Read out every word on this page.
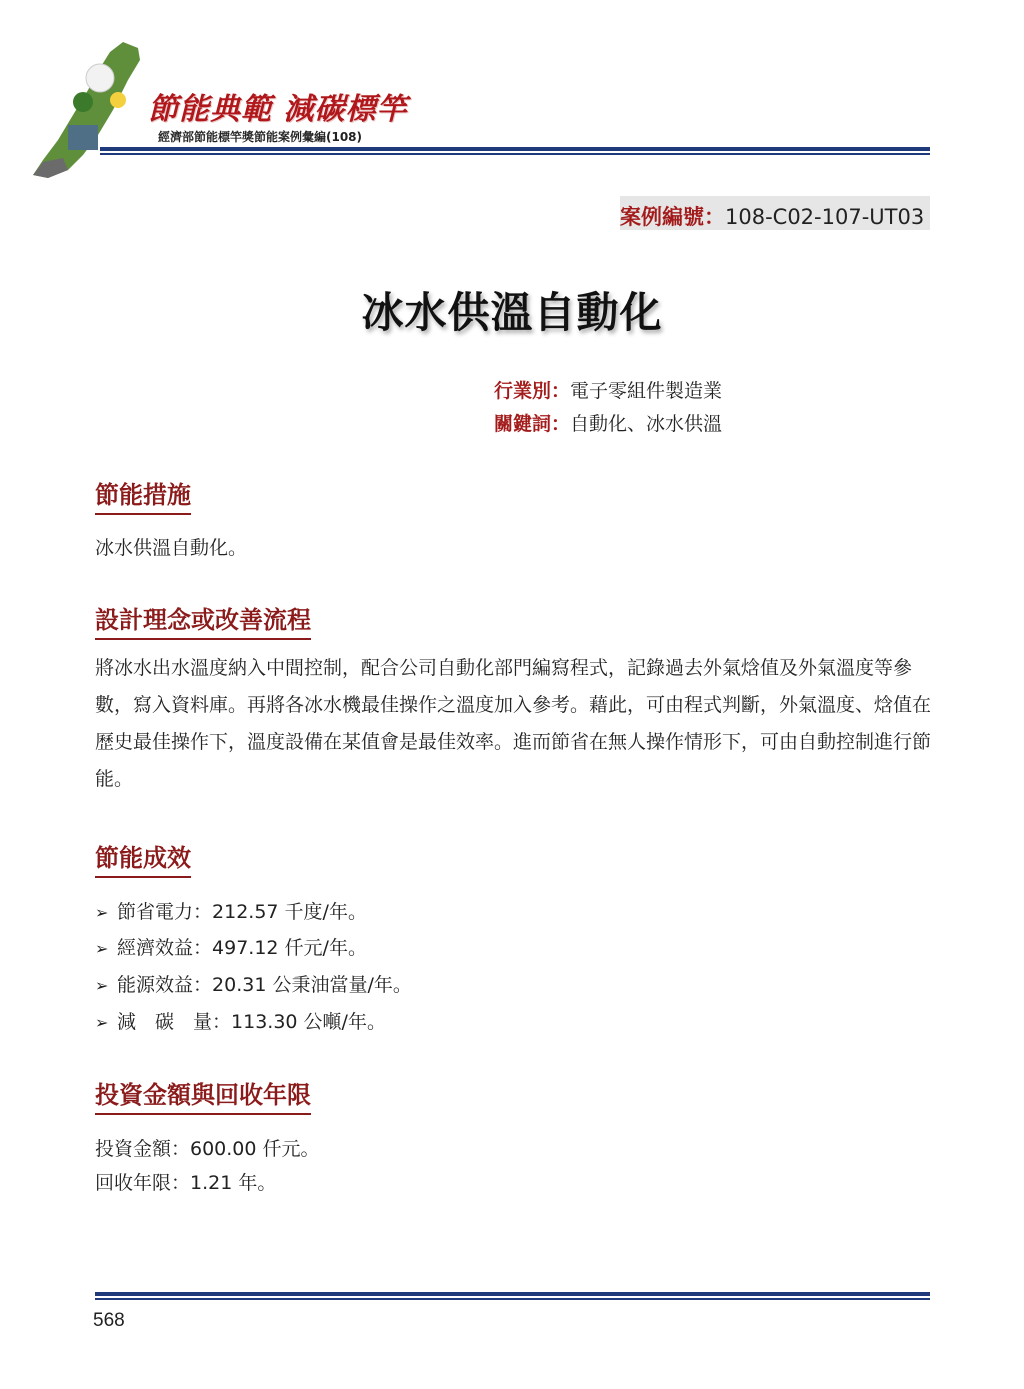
節能典範 減碳標竿
經濟部節能標竿獎節能案例彙編(108)
案例編號：108-C02-107-UT03
冰水供溫自動化
行業別：電子零組件製造業
關鍵詞：自動化、冰水供溫
節能措施
冰水供溫自動化。
設計理念或改善流程
將冰水出水溫度納入中間控制，配合公司自動化部門編寫程式，記錄過去外氣焓值及外氣溫度等參數，寫入資料庫。再將各冰水機最佳操作之溫度加入參考。藉此，可由程式判斷，外氣溫度、焓值在歷史最佳操作下，溫度設備在某值會是最佳效率。進而節省在無人操作情形下，可由自動控制進行節能。
節能成效
➢ 節省電力：212.57 千度/年。
➢ 經濟效益：497.12 仟元/年。
➢ 能源效益：20.31 公秉油當量/年。
➢ 減　碳　量：113.30 公噸/年。
投資金額與回收年限
投資金額：600.00 仟元。
回收年限：1.21 年。
568
